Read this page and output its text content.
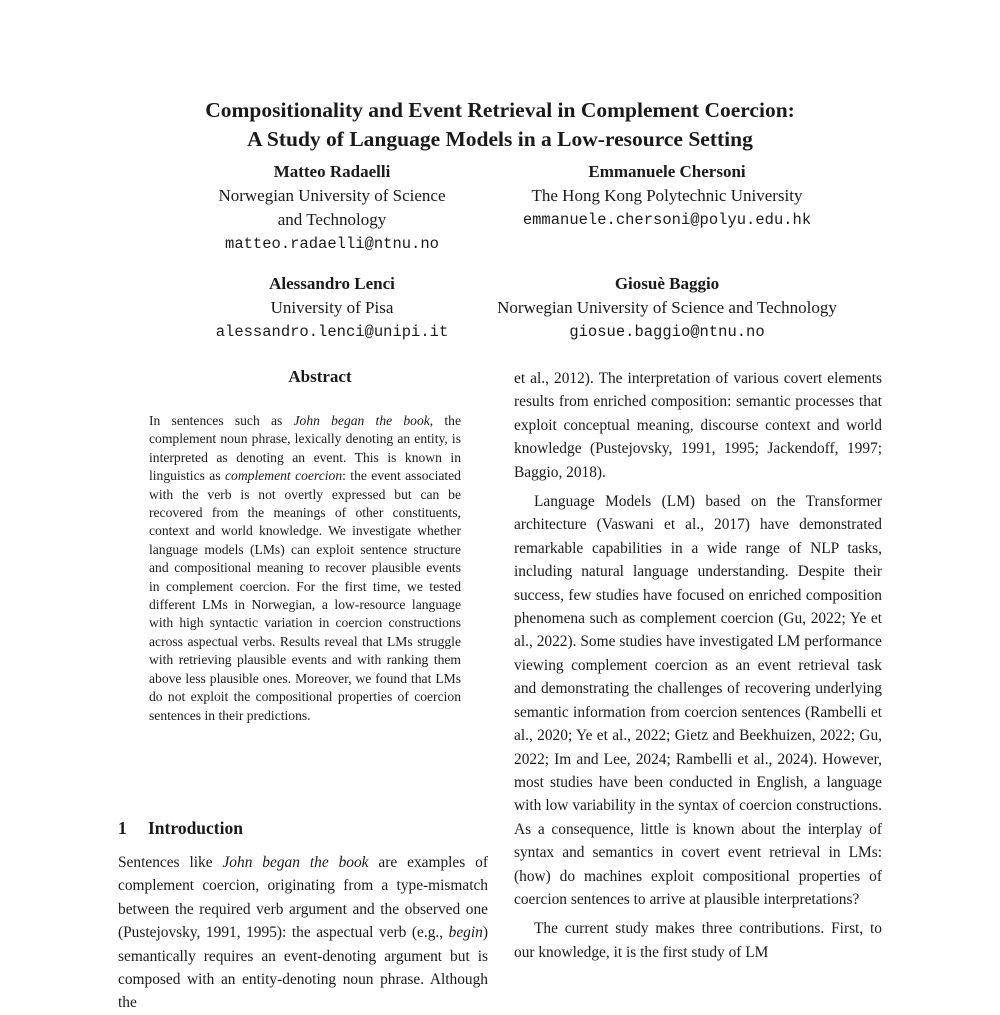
Compositionality and Event Retrieval in Complement Coercion:
A Study of Language Models in a Low-resource Setting
Matteo Radaelli
Norwegian University of Science
and Technology
matteo.radaelli@ntnu.no
Emmanuele Chersoni
The Hong Kong Polytechnic University
emmanuele.chersoni@polyu.edu.hk
Alessandro Lenci
University of Pisa
alessandro.lenci@unipi.it
Giosuè Baggio
Norwegian University of Science and Technology
giosue.baggio@ntnu.no
Abstract
In sentences such as John began the book, the complement noun phrase, lexically denoting an entity, is interpreted as denoting an event. This is known in linguistics as complement coercion: the event associated with the verb is not overtly expressed but can be recovered from the meanings of other constituents, context and world knowledge. We investigate whether language models (LMs) can exploit sentence structure and compositional meaning to recover plausible events in complement coercion. For the first time, we tested different LMs in Norwegian, a low-resource language with high syntactic variation in coercion constructions across aspectual verbs. Results reveal that LMs struggle with retrieving plausible events and with ranking them above less plausible ones. Moreover, we found that LMs do not exploit the compositional properties of coercion sentences in their predictions.
1 Introduction

Sentences like John began the book are examples of complement coercion, originating from a type-mismatch between the required verb argument and the observed one (Pustejovsky, 1991, 1995): the aspectual verb (e.g., begin) semantically requires an event-denoting argument but is composed with an entity-denoting noun phrase. Although the

et al., 2012). The interpretation of various covert elements results from enriched composition: semantic processes that exploit conceptual meaning, discourse context and world knowledge (Pustejovsky, 1991, 1995; Jackendoff, 1997; Baggio, 2018).

Language Models (LM) based on the Transformer architecture (Vaswani et al., 2017) have demonstrated remarkable capabilities in a wide range of NLP tasks, including natural language understanding. Despite their success, few studies have focused on enriched composition phenomena such as complement coercion (Gu, 2022; Ye et al., 2022). Some studies have investigated LM performance viewing complement coercion as an event retrieval task and demonstrating the challenges of recovering underlying semantic information from coercion sentences (Rambelli et al., 2020; Ye et al., 2022; Gietz and Beekhuizen, 2022; Gu, 2022; Im and Lee, 2024; Rambelli et al., 2024). However, most studies have been conducted in English, a language with low variability in the syntax of coercion constructions. As a consequence, little is known about the interplay of syntax and semantics in covert event retrieval in LMs: (how) do machines exploit compositional properties of coercion sentences to arrive at plausible interpretations?

The current study makes three contributions. First, to our knowledge, it is the first study of LM
